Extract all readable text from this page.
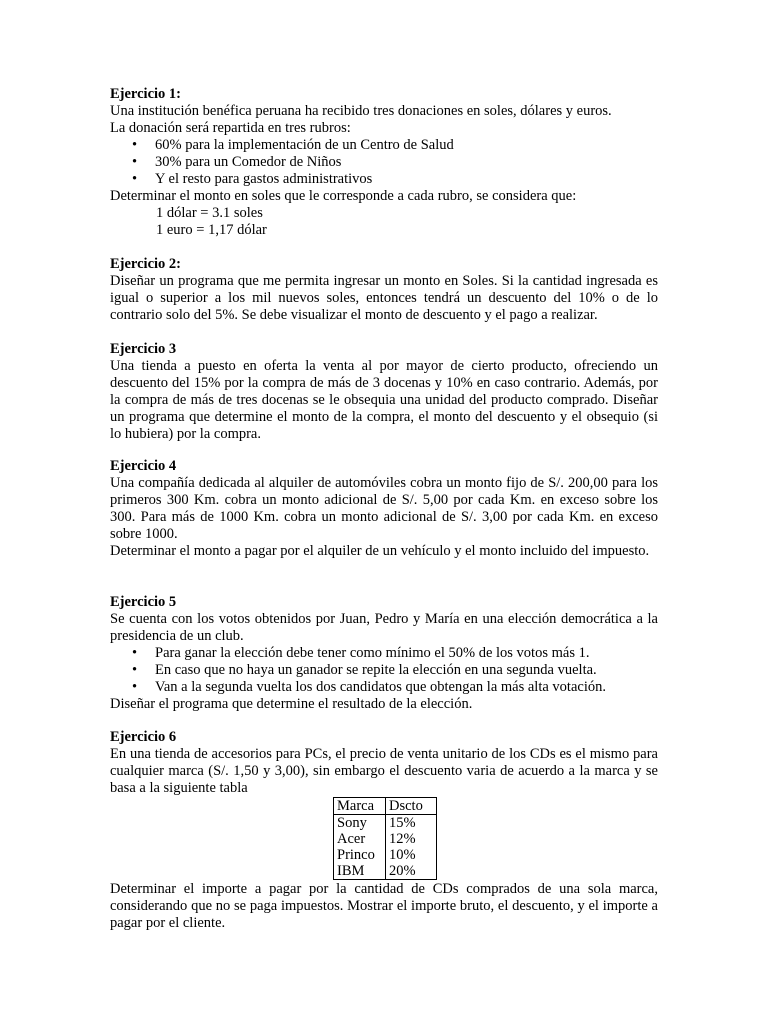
Ejercicio 1:

Una institución benéfica peruana ha recibido tres donaciones en soles, dólares y euros.

La donación será repartida en tres rubros:

• 60% para la implementación de un Centro de Salud
• 30% para un Comedor de Niños
• Y el resto para gastos administrativos

Determinar el monto en soles que le corresponde a cada rubro, se considera que:

1 dólar = 3.1 soles

1 euro = 1,17 dólar

Ejercicio 2:

Diseñar un programa que me permita ingresar un monto en Soles. Si la cantidad ingresada es igual o superior a los mil nuevos soles, entonces tendrá un descuento del 10% o de lo contrario solo del 5%. Se debe visualizar el monto de descuento y el pago a realizar.

Ejercicio 3

Una tienda a puesto en oferta la venta al por mayor de cierto producto, ofreciendo un descuento del 15% por la compra de más de 3 docenas y 10% en caso contrario. Además, por la compra de más de tres docenas se le obsequia una unidad del producto comprado. Diseñar un programa que determine el monto de la compra, el monto del descuento y el obsequio (si lo hubiera) por la compra.

Ejercicio 4

Una compañía dedicada al alquiler de automóviles cobra un monto fijo de S/. 200,00 para los primeros 300 Km. cobra un monto adicional de S/. 5,00 por cada Km. en exceso sobre los 300. Para más de 1000 Km. cobra un monto adicional de S/. 3,00 por cada Km. en exceso sobre 1000.

Determinar el monto a pagar por el alquiler de un vehículo y el monto incluido del impuesto.

Ejercicio 5

Se cuenta con los votos obtenidos por Juan, Pedro y María en una elección democrática a la presidencia de un club.

• Para ganar la elección debe tener como mínimo el 50% de los votos más 1.
• En caso que no haya un ganador se repite la elección en una segunda vuelta.
• Van a la segunda vuelta los dos candidatos que obtengan la más alta votación.

Diseñar el programa que determine el resultado de la elección.

Ejercicio 6

En una tienda de accesorios para PCs, el precio de venta unitario de los CDs es el mismo para cualquier marca (S/. 1,50 y 3,00), sin embargo el descuento varia de acuerdo a la marca y se basa a la siguiente tabla

Marca	Dscto
Sony	15%
Acer	12%
Princo	10%
IBM	20%

Determinar el importe a pagar por la cantidad de CDs comprados de una sola marca, considerando que no se paga impuestos. Mostrar el importe bruto, el descuento, y el importe a pagar por el cliente.
